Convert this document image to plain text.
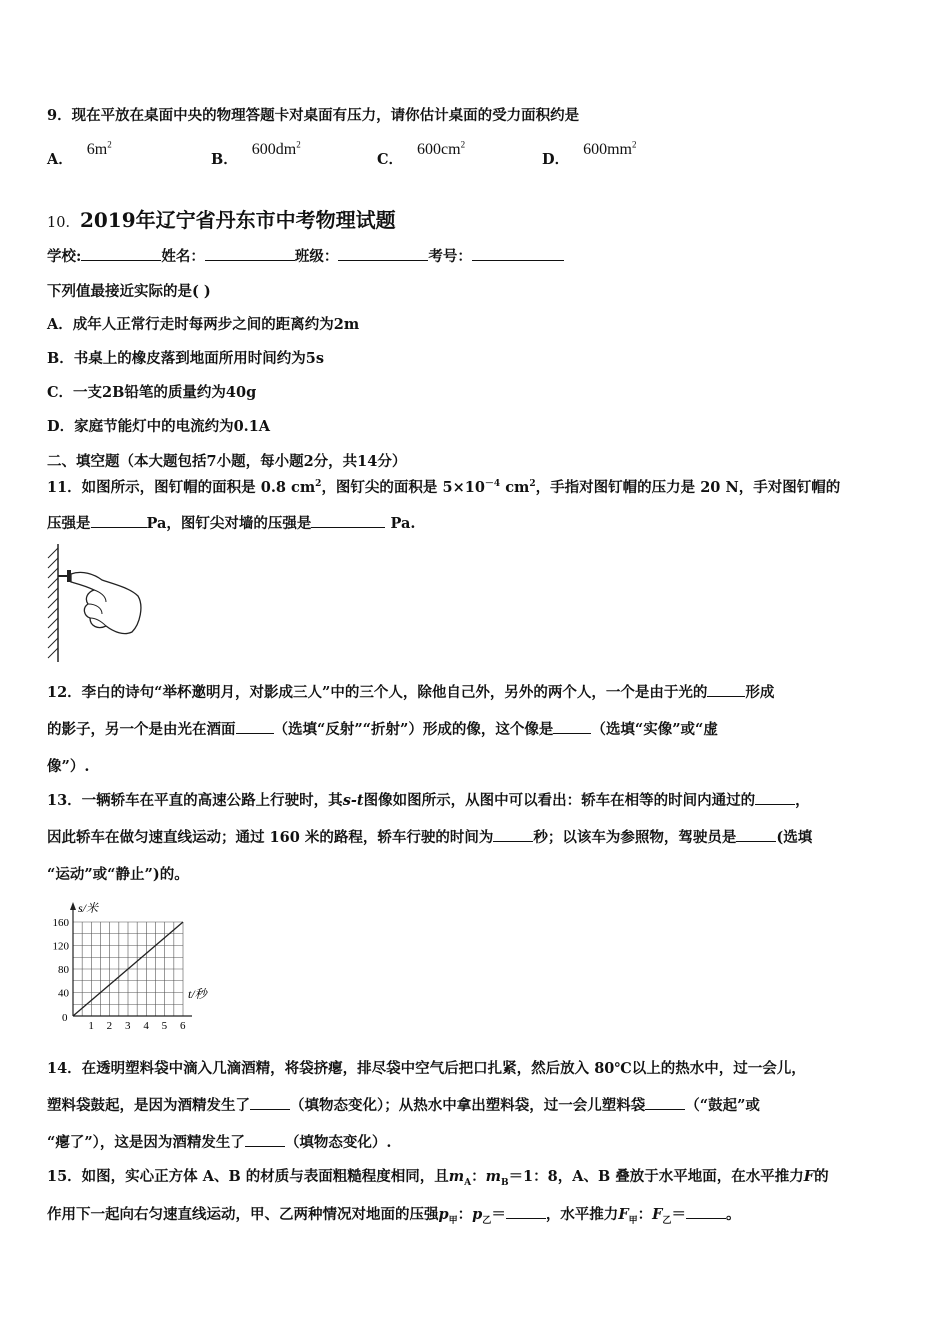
9．现在平放在桌面中央的物理答题卡对桌面有压力，请你估计桌面的受力面积约是
A．$6m^2$
B．$600dm^2$
C．$600cm^2$
D．$600mm^2$
10．2019年辽宁省丹东市中考物理试题
学校:	姓名：	班级：	考号：
下列值最接近实际的是( )
A．成年人正常行走时每两步之间的距离约为2m
B．书桌上的橡皮落到地面所用时间约为5s
C．一支2B铅笔的质量约为40g
D．家庭节能灯中的电流约为0.1A
二、填空题（本大题包括7小题，每小题2分，共14分）
11．如图所示，图钉帽的面积是 0.8 $cm^2$，图钉尖的面积是 $5\times 10^{-4}$ $cm^2$，手指对图钉帽的压力是 20 N，手对图钉帽的
压强是	Pa，图钉尖对墙的压强是	Pa.
12．李白的诗句“举杯邀明月，对影成三人”中的三个人，除他自己外，另外的两个人，一个是由于光的	形成
的影子，另一个是由光在酒面	（选填“反射”“折射”）形成的像，这个像是	（选填“实像”或“虚
像”）.
13．一辆轿车在平直的高速公路上行驶时，其s-t图像如图所示，从图中可以看出：轿车在相等的时间内通过的	，
因此轿车在做匀速直线运动；通过 160 米的路程，轿车行驶的时间为	秒；以该车为参照物，驾驶员是	(选填
“运动”或“静止”)的。
s/米
t/秒
0
1 2 3 4 5 6
40
80
120
160
14．在透明塑料袋中滴入几滴酒精，将袋挤瘪，排尽袋中空气后把口扎紧，然后放入 80℃以上的热水中，过一会儿，
塑料袋鼓起，是因为酒精发生了	（填物态变化）；从热水中拿出塑料袋，过一会儿塑料袋	（“鼓起”或
“瘪了”），这是因为酒精发生了	（填物态变化）.
15．如图，实心正方体 A、B 的材质与表面粗糙程度相同，且$m_A$：$m_B=1$：8，A、B 叠放于水平地面，在水平推力F的
作用下一起向右匀速直线运动，甲、乙两种情况对地面的压强$p_甲$：$p_乙=$	，水平推力$F_甲$：$F_乙=$	。
